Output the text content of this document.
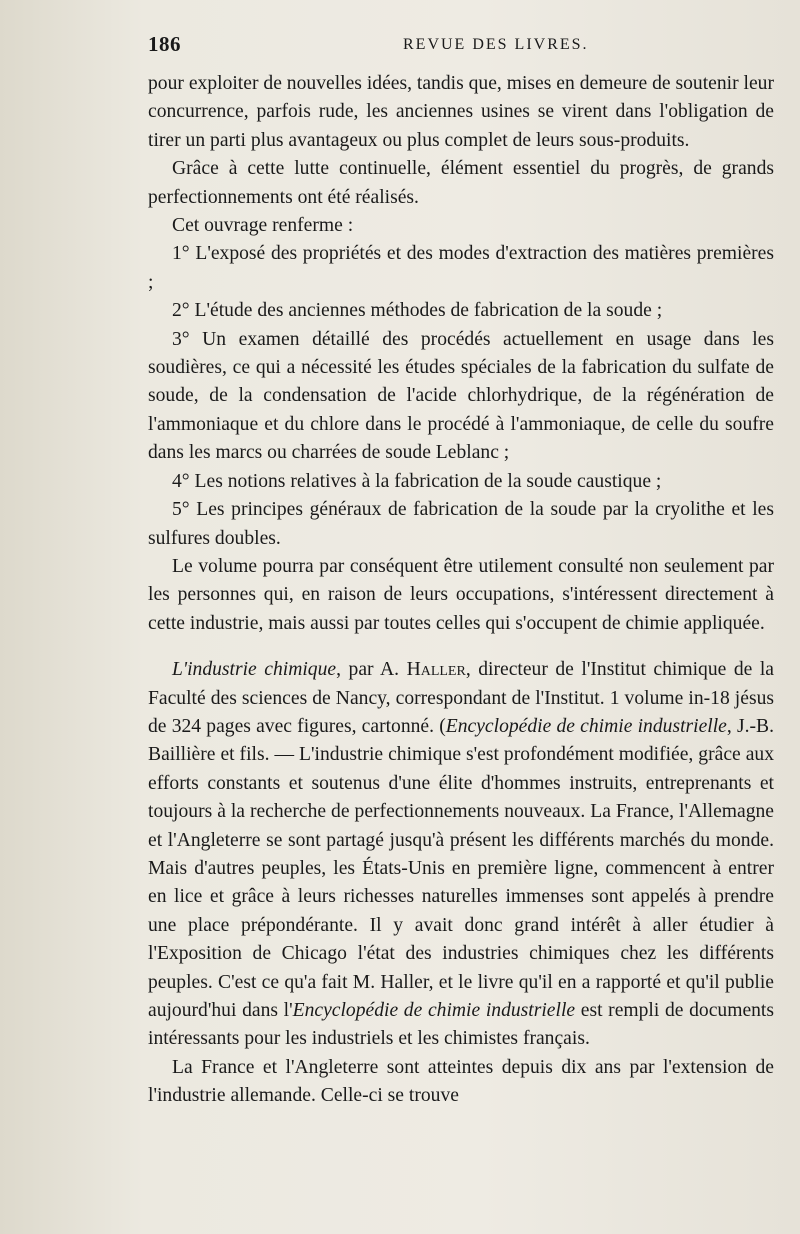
186	REVUE DES LIVRES.

pour exploiter de nouvelles idées, tandis que, mises en demeure de soutenir leur concurrence, parfois rude, les anciennes usines se virent dans l'obligation de tirer un parti plus avantageux ou plus complet de leurs sous-produits.

Grâce à cette lutte continuelle, élément essentiel du progrès, de grands perfectionnements ont été réalisés.

Cet ouvrage renferme :

1° L'exposé des propriétés et des modes d'extraction des matières premières ;

2° L'étude des anciennes méthodes de fabrication de la soude ;

3° Un examen détaillé des procédés actuellement en usage dans les soudières, ce qui a nécessité les études spéciales de la fabrication du sulfate de soude, de la condensation de l'acide chlorhydrique, de la régénération de l'ammoniaque et du chlore dans le procédé à l'ammoniaque, de celle du soufre dans les marcs ou charrées de soude Leblanc ;

4° Les notions relatives à la fabrication de la soude caustique ;

5° Les principes généraux de fabrication de la soude par la cryolithe et les sulfures doubles.

Le volume pourra par conséquent être utilement consulté non seulement par les personnes qui, en raison de leurs occupations, s'intéressent directement à cette industrie, mais aussi par toutes celles qui s'occupent de chimie appliquée.

L'industrie chimique, par A. Haller, directeur de l'Institut chimique de la Faculté des sciences de Nancy, correspondant de l'Institut. 1 volume in-18 jésus de 324 pages avec figures, cartonné. (Encyclopédie de chimie industrielle, J.-B. Baillière et fils. — L'industrie chimique s'est profondément modifiée, grâce aux efforts constants et soutenus d'une élite d'hommes instruits, entreprenants et toujours à la recherche de perfectionnements nouveaux. La France, l'Allemagne et l'Angleterre se sont partagé jusqu'à présent les différents marchés du monde. Mais d'autres peuples, les États-Unis en première ligne, commencent à entrer en lice et grâce à leurs richesses naturelles immenses sont appelés à prendre une place prépondérante. Il y avait donc grand intérêt à aller étudier à l'Exposition de Chicago l'état des industries chimiques chez les différents peuples. C'est ce qu'a fait M. Haller, et le livre qu'il en a rapporté et qu'il publie aujourd'hui dans l'Encyclopédie de chimie industrielle est rempli de documents intéressants pour les industriels et les chimistes français.

La France et l'Angleterre sont atteintes depuis dix ans par l'extension de l'industrie allemande. Celle-ci se trouve
